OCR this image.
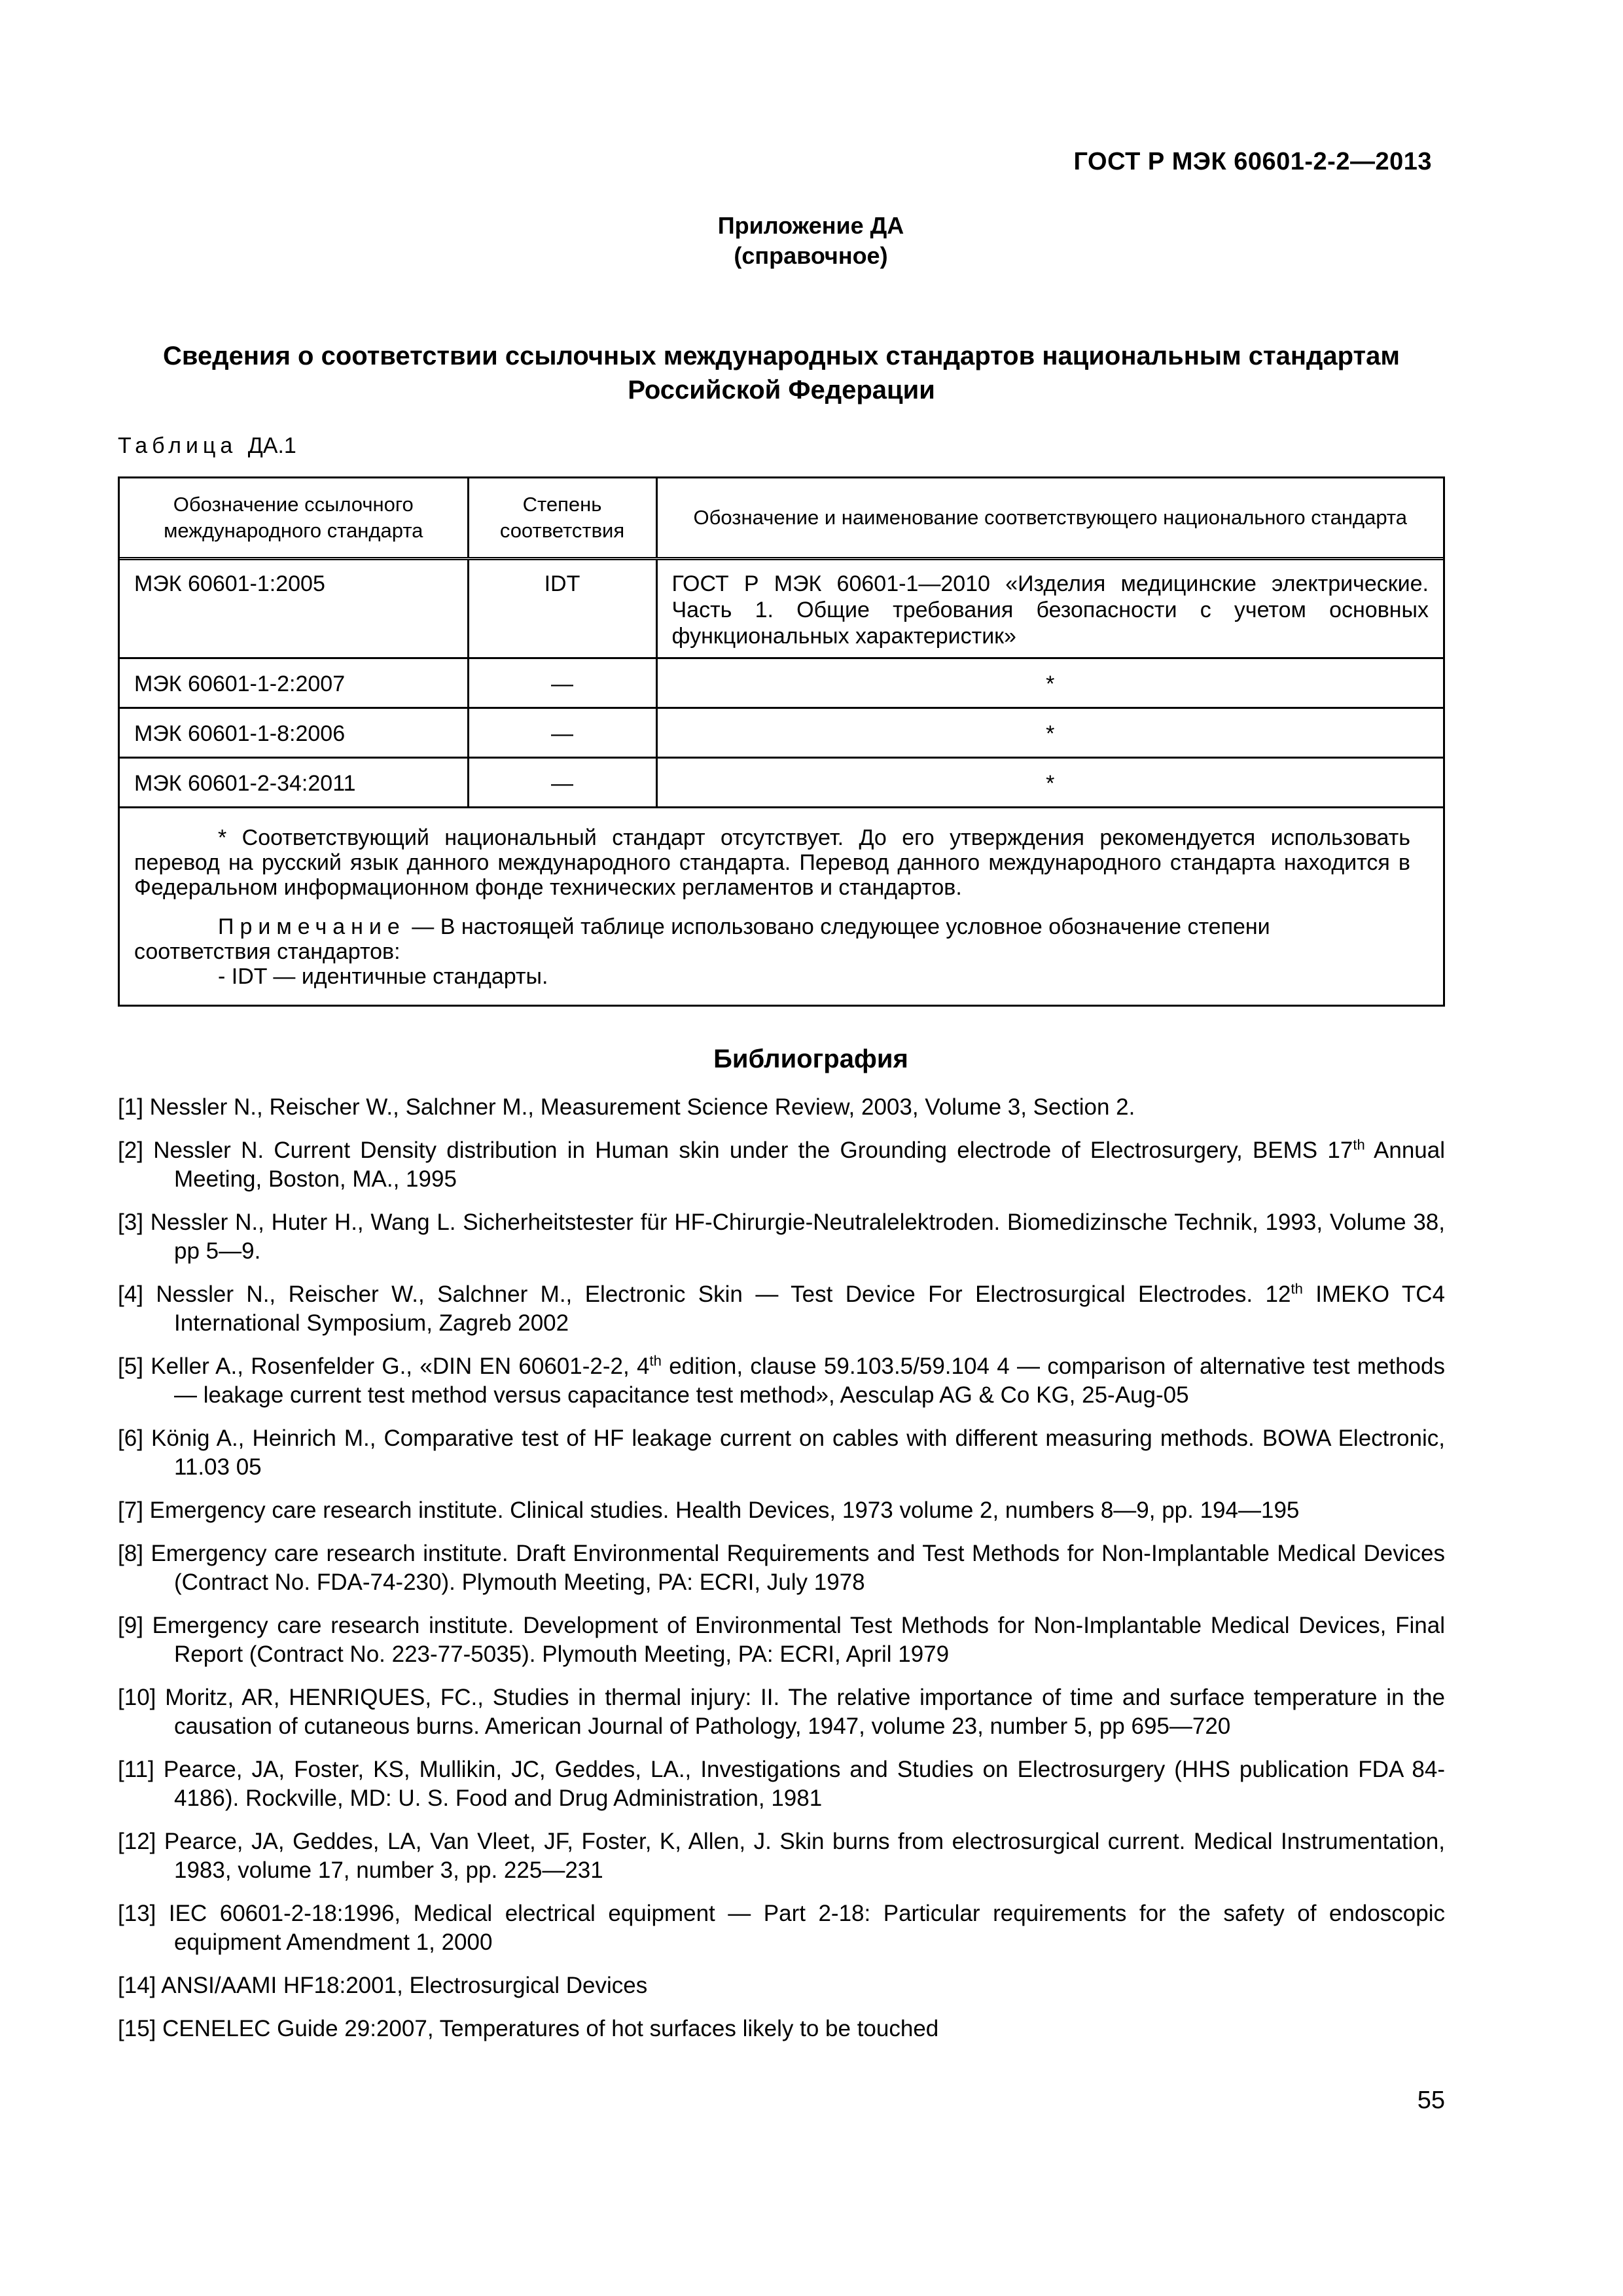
ГОСТ Р МЭК 60601-2-2—2013
Приложение ДА
(справочное)
Сведения о соответствии ссылочных международных стандартов национальным стандартам Российской Федерации
Таблица ДА.1
Обозначение ссылочного международного стандарта	Степень соответствия	Обозначение и наименование соответствующего национального стандарта
МЭК 60601-1:2005	IDT	ГОСТ Р МЭК 60601-1—2010 «Изделия медицинские электрические. Часть 1. Общие требования безопасности с учетом основных функциональных характеристик»
МЭК 60601-1-2:2007	—	*
МЭК 60601-1-8:2006	—	*
МЭК 60601-2-34:2011	—	*

* Соответствующий национальный стандарт отсутствует. До его утверждения рекомендуется использовать перевод на русский язык данного международного стандарта. Перевод данного международного стандарта находится в Федеральном информационном фонде технических регламентов и стандартов.
Примечание — В настоящей таблице использовано следующее условное обозначение степени соответствия стандартов:
- IDT — идентичные стандарты.		
Библиография
[1] Nessler N., Reischer W., Salchner M., Measurement Science Review, 2003, Volume 3, Section 2.
[2] Nessler N. Current Density distribution in Human skin under the Grounding electrode of Electrosurgery, BEMS 17th Annual Meeting, Boston, MA., 1995
[3] Nessler N., Huter H., Wang L. Sicherheitstester für HF-Chirurgie-Neutralelektroden. Biomedizinsche Technik, 1993, Volume 38, pp 5—9.
[4] Nessler N., Reischer W., Salchner M., Electronic Skin — Test Device For Electrosurgical Electrodes. 12th IMEKO TC4 International Symposium, Zagreb 2002
[5] Keller A., Rosenfelder G., «DIN EN 60601-2-2, 4th edition, clause 59.103.5/59.104 4 — comparison of alternative test methods — leakage current test method versus capacitance test method», Aesculap AG & Co KG, 25-Aug-05
[6] König A., Heinrich M., Comparative test of HF leakage current on cables with different measuring methods. BOWA Electronic, 11.03 05
[7] Emergency care research institute. Clinical studies. Health Devices, 1973 volume 2, numbers 8—9, pp. 194—195
[8] Emergency care research institute. Draft Environmental Requirements and Test Methods for Non-Implantable Medical Devices (Contract No. FDA-74-230). Plymouth Meeting, PA: ECRI, July 1978
[9] Emergency care research institute. Development of Environmental Test Methods for Non-Implantable Medical Devices, Final Report (Contract No. 223-77-5035). Plymouth Meeting, PA: ECRI, April 1979
[10] Moritz, AR, HENRIQUES, FC., Studies in thermal injury: II. The relative importance of time and surface temperature in the causation of cutaneous burns. American Journal of Pathology, 1947, volume 23, number 5, pp 695—720
[11] Pearce, JA, Foster, KS, Mullikin, JC, Geddes, LA., Investigations and Studies on Electrosurgery (HHS publication FDA 84-4186). Rockville, MD: U. S. Food and Drug Administration, 1981
[12] Pearce, JA, Geddes, LA, Van Vleet, JF, Foster, K, Allen, J. Skin burns from electrosurgical current. Medical Instrumentation, 1983, volume 17, number 3, pp. 225—231
[13] IEC 60601-2-18:1996, Medical electrical equipment — Part 2-18: Particular requirements for the safety of endoscopic equipment Amendment 1, 2000
[14] ANSI/AAMI HF18:2001, Electrosurgical Devices
[15] CENELEC Guide 29:2007, Temperatures of hot surfaces likely to be touched
55
